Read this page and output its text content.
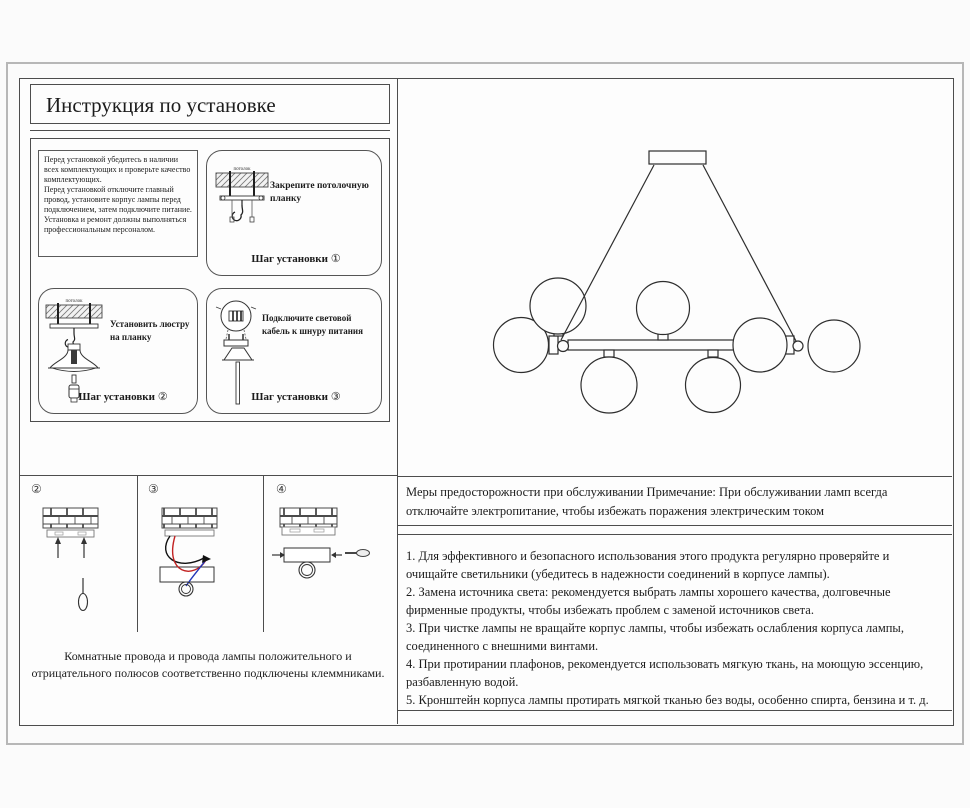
Инструкция по установке

Перед установкой убедитесь в наличии всех комплектующих и проверьте качество комплектующих.

Перед установкой отключите главный провод, установите корпус лампы перед подключением, затем подключите питание.

Установка и ремонт должны выполняться профессиональным персоналом.

потолок
Закрепите потолочную планку
Шаг установки ①
потолок
Установить люстру на планку
Шаг установки ②
Подключите световой кабель к шнуру питания
Шаг установки ③
②	③	④
Комнатные провода и провода лампы положительного и отрицательного полюсов соответственно подключены клеммниками.
Меры предосторожности при обслуживании Примечание: При обслуживании ламп всегда отключайте электропитание, чтобы избежать поражения электрическим током

1. Для эффективного и безопасного использования этого продукта регулярно проверяйте и очищайте светильники (убедитесь в надежности соединений в корпусе лампы).

2. Замена источника света: рекомендуется выбрать лампы хорошего качества, долговечные фирменные продукты, чтобы избежать проблем с заменой источников света.

3. При чистке лампы не вращайте корпус лампы, чтобы избежать ослабления корпуса лампы, соединенного с внешними винтами.

4. При протирании плафонов, рекомендуется использовать мягкую ткань, на моющую эссенцию, разбавленную водой.

5. Кронштейн корпуса лампы протирать мягкой тканью без воды, особенно спирта, бензина и т. д.
